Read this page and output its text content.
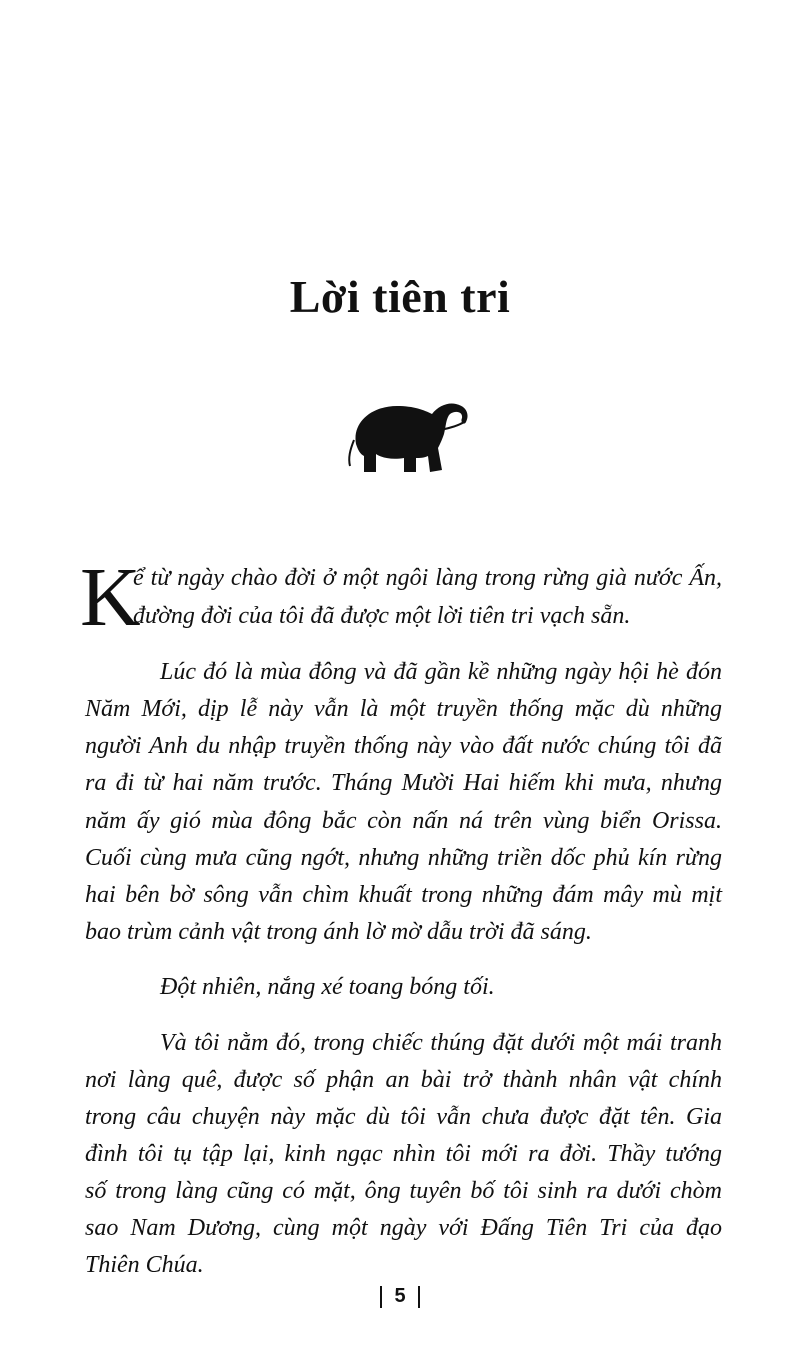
Lời tiên tri
K
ể từ ngày chào đời ở một ngôi làng trong rừng già nước Ấn,
đường đời của tôi đã được một lời tiên tri vạch sẵn.
Lúc đó là mùa đông và đã gần kề những ngày hội hè đón
Năm Mới, dịp lễ này vẫn là một truyền thống mặc dù những
người Anh du nhập truyền thống này vào đất nước chúng tôi đã
ra đi từ hai năm trước. Tháng Mười Hai hiếm khi mưa, nhưng
năm ấy gió mùa đông bắc còn nấn ná trên vùng biển Orissa.
Cuối cùng mưa cũng ngớt, nhưng những triền dốc phủ kín rừng
hai bên bờ sông vẫn chìm khuất trong những đám mây mù mịt
bao trùm cảnh vật trong ánh lờ mờ dẫu trời đã sáng.
Đột nhiên, nắng xé toang bóng tối.
Và tôi nằm đó, trong chiếc thúng đặt dưới một mái tranh
nơi làng quê, được số phận an bài trở thành nhân vật chính
trong câu chuyện này mặc dù tôi vẫn chưa được đặt tên. Gia
đình tôi tụ tập lại, kinh ngạc nhìn tôi mới ra đời. Thầy tướng
số trong làng cũng có mặt, ông tuyên bố tôi sinh ra dưới chòm
sao Nam Dương, cùng một ngày với Đấng Tiên Tri của đạo
Thiên Chúa.
5
